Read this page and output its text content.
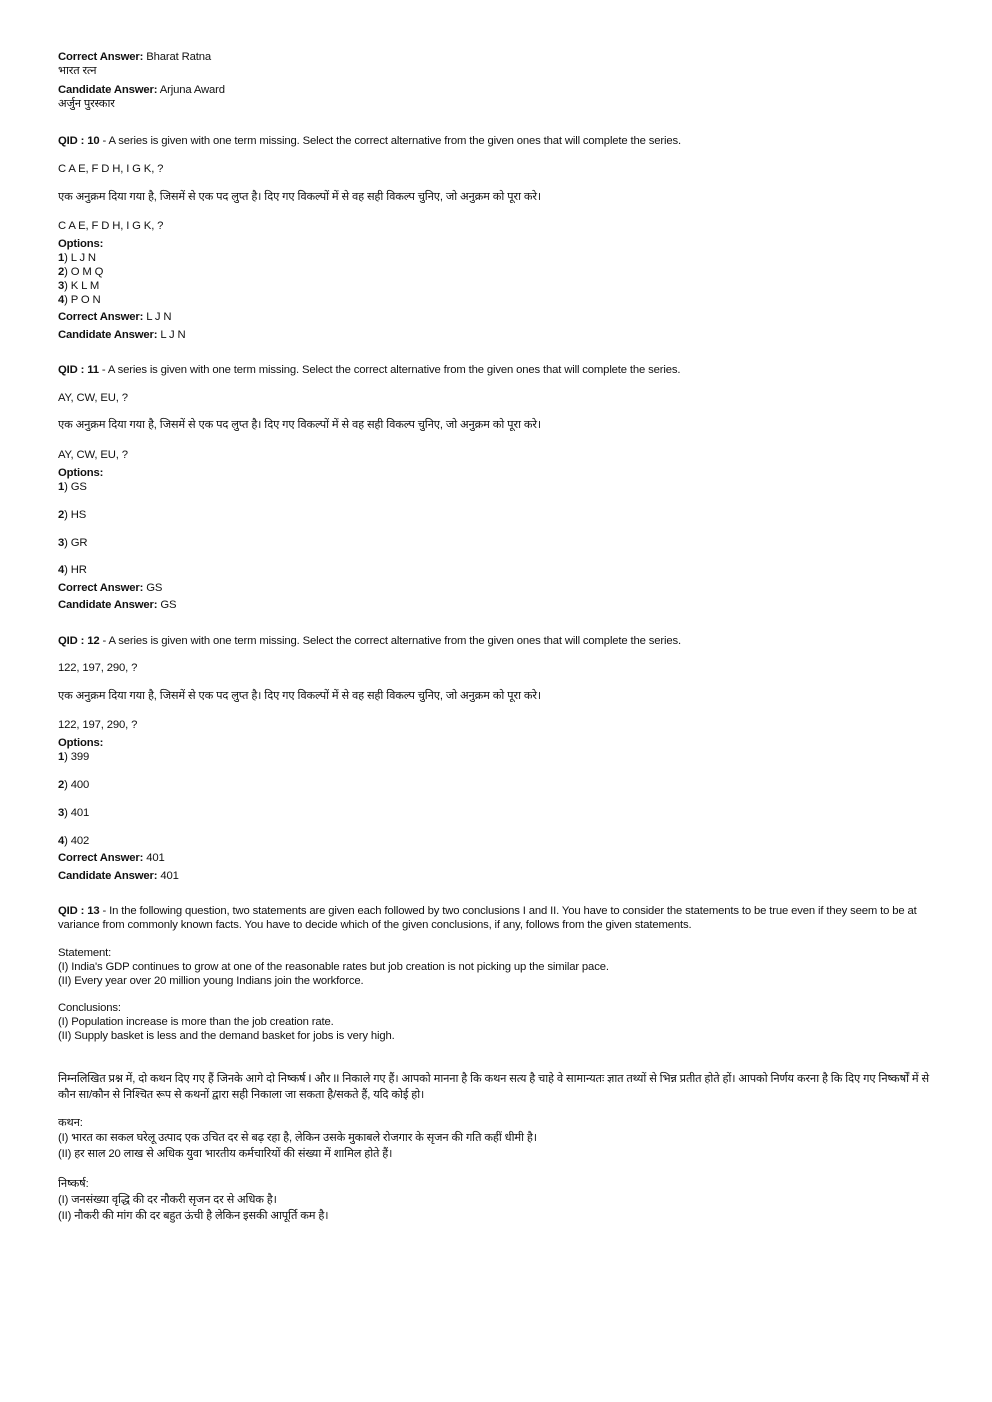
Correct Answer: Bharat Ratna
भारत रत्न
Candidate Answer: Arjuna Award
अर्जुन पुरस्कार
QID : 10 - A series is given with one term missing. Select the correct alternative from the given ones that will complete the series.
C A E, F D H, I G K, ?
एक अनुक्रम दिया गया है, जिसमें से एक पद लुप्त है। दिए गए विकल्पों में से वह सही विकल्प चुनिए, जो अनुक्रम को पूरा करे।
C A E, F D H, I G K, ?
Options:
1) L J N
2) O M Q
3) K L M
4) P O N
Correct Answer: L J N
Candidate Answer: L J N
QID : 11 - A series is given with one term missing. Select the correct alternative from the given ones that will complete the series.
AY, CW, EU, ?
एक अनुक्रम दिया गया है, जिसमें से एक पद लुप्त है। दिए गए विकल्पों में से वह सही विकल्प चुनिए, जो अनुक्रम को पूरा करे।
AY, CW, EU, ?
Options:
1) GS
2) HS
3) GR
4) HR
Correct Answer: GS
Candidate Answer: GS
QID : 12 - A series is given with one term missing. Select the correct alternative from the given ones that will complete the series.
122, 197, 290, ?
एक अनुक्रम दिया गया है, जिसमें से एक पद लुप्त है। दिए गए विकल्पों में से वह सही विकल्प चुनिए, जो अनुक्रम को पूरा करे।
122, 197, 290, ?
Options:
1) 399
2) 400
3) 401
4) 402
Correct Answer: 401
Candidate Answer: 401
QID : 13 - In the following question, two statements are given each followed by two conclusions I and II. You have to consider the statements to be true even if they seem to be at variance from commonly known facts. You have to decide which of the given conclusions, if any, follows from the given statements.
Statement:
(I) India's GDP continues to grow at one of the reasonable rates but job creation is not picking up the similar pace.
(II) Every year over 20 million young Indians join the workforce.
Conclusions:
(I) Population increase is more than the job creation rate.
(II) Supply basket is less and the demand basket for jobs is very high.
निम्नलिखित प्रश्न में, दो कथन दिए गए हैं जिनके आगे दो निष्कर्ष I और II निकाले गए हैं। आपको मानना है कि कथन सत्य है चाहे वे सामान्यतः ज्ञात तथ्यों से भिन्न प्रतीत होते हों। आपको निर्णय करना है कि दिए गए निष्कर्षों में से कौन सा/कौन से निश्चित रूप से कथनों द्वारा सही निकाला जा सकता है/सकते हैं, यदि कोई हो।
कथन:
(I) भारत का सकल घरेलू उत्पाद एक उचित दर से बढ़ रहा है, लेकिन उसके मुकाबले रोजगार के सृजन की गति कहीं धीमी है।
(II) हर साल 20 लाख से अधिक युवा भारतीय कर्मचारियों की संख्या में शामिल होते हैं।
निष्कर्ष:
(I) जनसंख्या वृद्धि की दर नौकरी सृजन दर से अधिक है।
(II) नौकरी की मांग की दर बहुत ऊंची है लेकिन इसकी आपूर्ति कम है।
